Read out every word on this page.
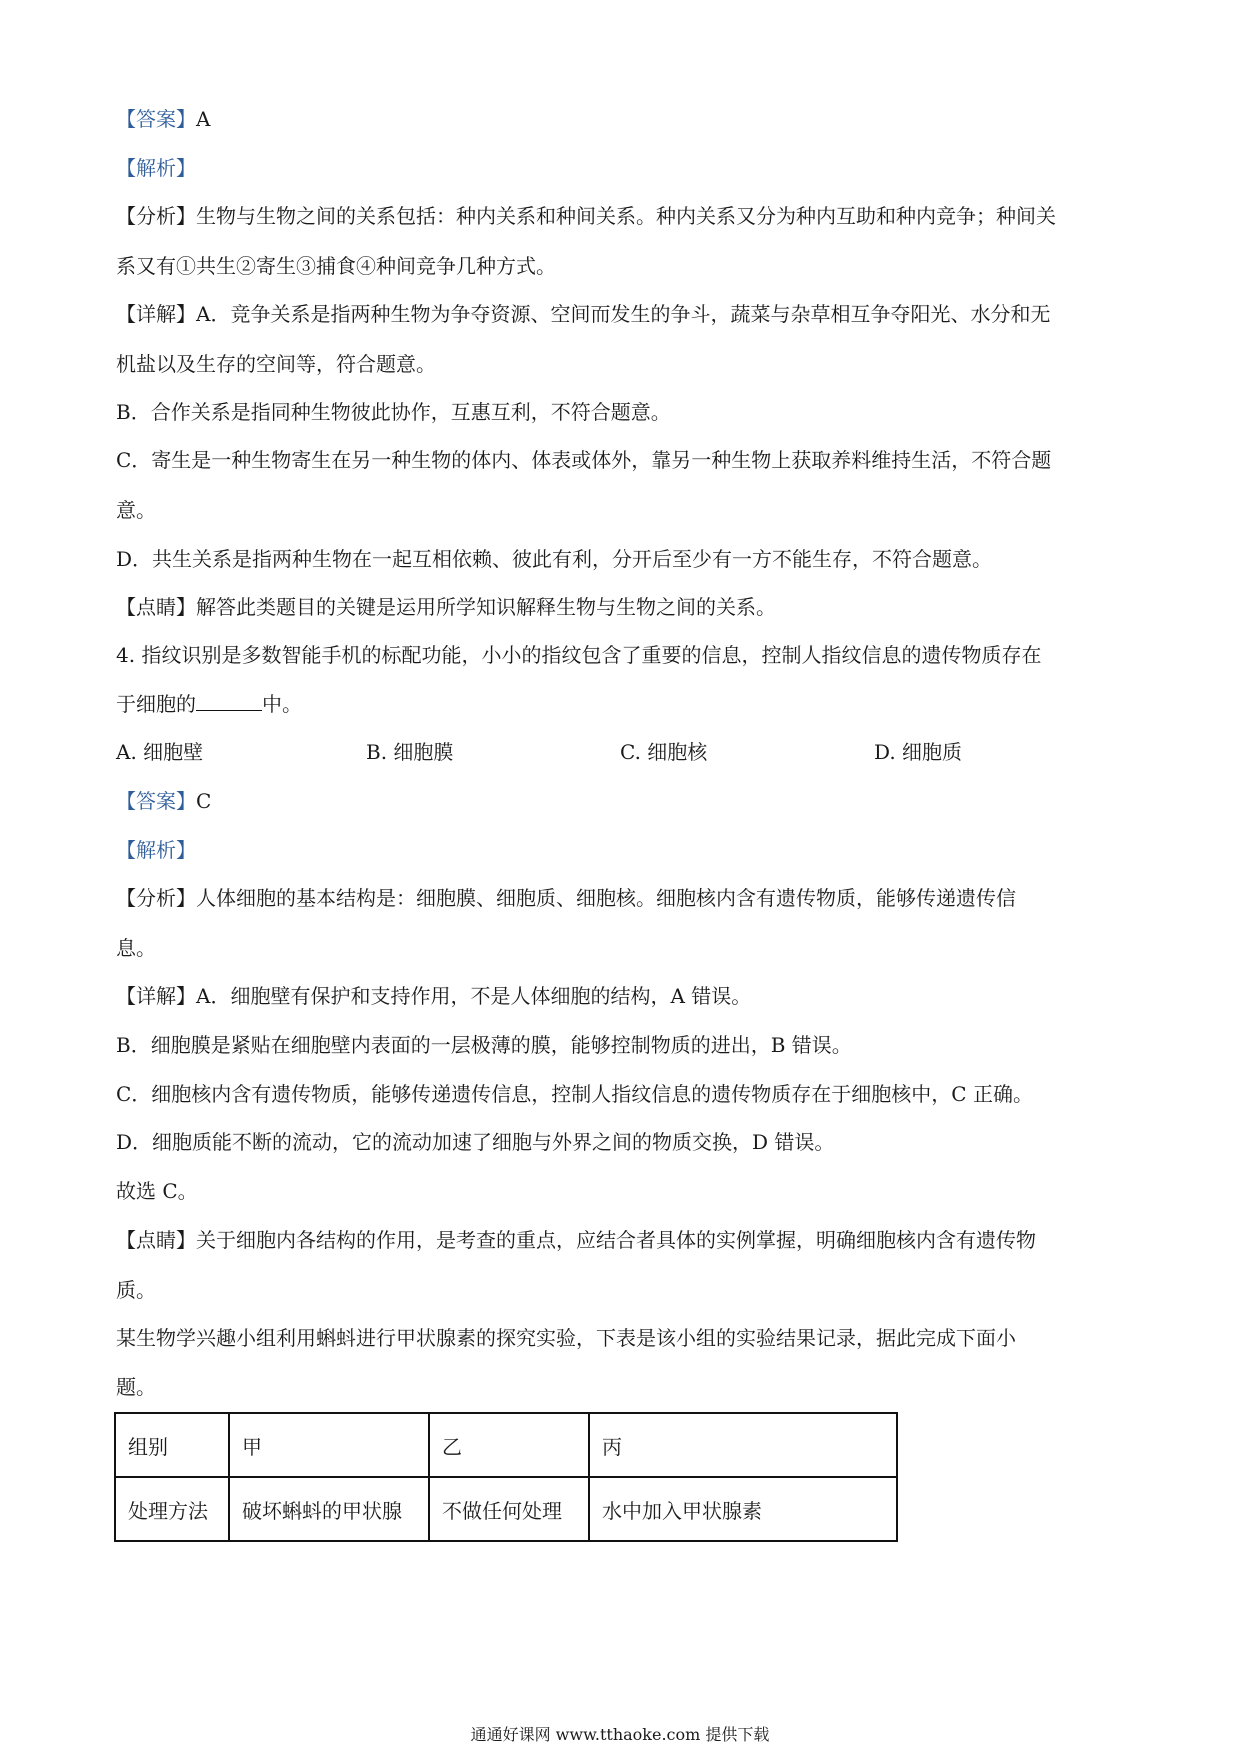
【答案】A
【解析】
【分析】生物与生物之间的关系包括：种内关系和种间关系。种内关系又分为种内互助和种内竞争；种间关
系又有①共生②寄生③捕食④种间竞争几种方式。
【详解】A．竞争关系是指两种生物为争夺资源、空间而发生的争斗，蔬菜与杂草相互争夺阳光、水分和无
机盐以及生存的空间等，符合题意。
B．合作关系是指同种生物彼此协作，互惠互利，不符合题意。
C．寄生是一种生物寄生在另一种生物的体内、体表或体外，靠另一种生物上获取养料维持生活，不符合题
意。
D．共生关系是指两种生物在一起互相依赖、彼此有利，分开后至少有一方不能生存，不符合题意。
【点睛】解答此类题目的关键是运用所学知识解释生物与生物之间的关系。
4. 指纹识别是多数智能手机的标配功能，小小的指纹包含了重要的信息，控制人指纹信息的遗传物质存在
于细胞的	中。
A. 细胞壁	B. 细胞膜	C. 细胞核	D. 细胞质
【答案】C
【解析】
【分析】人体细胞的基本结构是：细胞膜、细胞质、细胞核。细胞核内含有遗传物质，能够传递遗传信
息。
【详解】A．细胞壁有保护和支持作用，不是人体细胞的结构，A 错误。
B．细胞膜是紧贴在细胞壁内表面的一层极薄的膜，能够控制物质的进出，B 错误。
C．细胞核内含有遗传物质，能够传递遗传信息，控制人指纹信息的遗传物质存在于细胞核中，C 正确。
D．细胞质能不断的流动，它的流动加速了细胞与外界之间的物质交换，D 错误。
故选 C。
【点睛】关于细胞内各结构的作用，是考查的重点，应结合者具体的实例掌握，明确细胞核内含有遗传物
质。
某生物学兴趣小组利用蝌蚪进行甲状腺素的探究实验，下表是该小组的实验结果记录，据此完成下面小
题。
组别	甲	乙	丙
处理方法	破坏蝌蚪的甲状腺	不做任何处理	水中加入甲状腺素
通通好课网 www.tthaoke.com 提供下载
